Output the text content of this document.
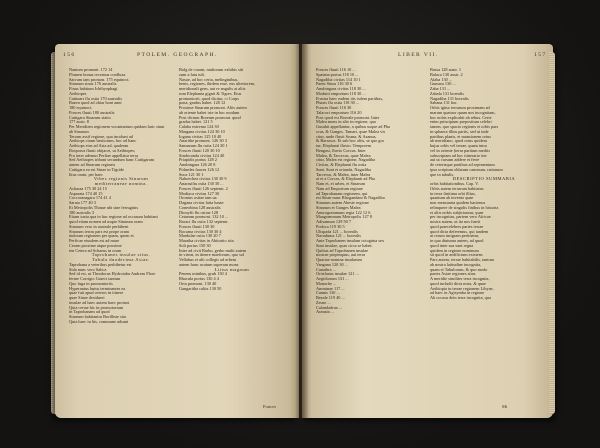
156	PTOLEM. GEOGRAPH.
Nanium promont. 172 14
Flumen bonus recensus confluxa
Sacrum iam promon. 175 equinoct.
Sinarum sinus 176 australis
Finus habitum Ichthyophagi
Aethiopes
Cattinari flu ostia 170 australis
Bazen quod ad obiar boni anni
180 equinoct.
Fonces fluuii 180 australis
Cattigara Sinarum statio
177 austr. 8
Per Meridiem regionem vocantarium quidam huic sinui
ab Sinarum
Terram assif regione, qua incolunt ad
Aethiops ciram bestiorum, hoc ad hanc
Aethiops eius ad Asia ad, qualeam
Bosporus fluuii obijacet, ut Aethiopes;
Pro inter ademui Perfiae appellatur terra
Sed Aethiopes tribunt secundum hanc Cattigaram
autem ad Sinarum regionis
Cattigara ea est Sinae in Tigride
litus oram, per haec
Vrbes regionis Sinarum
mediterraneae nomina.
Acbaraa 175 30 24 15
Asparata 174 40 15
Coccoranagara 174 41 4
Sarata 177 40 3
Et Metropolis Thinae ubi sine ferruginis
180 australis 3
Etiam iuxta qua in hac regione ad occasum habitant
quod etiam nomen ad usque Sinarum oram
Sinarum vero in australe perhibent
Sinarum terras pars est prope oram
indoram regionem per quam, quem et
Perficae eiusdem est ad mare
Ceram proxime atque proxime
ten Cetera ad Schaeus in oram
Taprobanes insulae situs.
Tabula duodecima Asiae.
Taprobana a veteribus perhibetur est
Sida nunc vero Salica
Sed id est, ut Theodorus Hydrotabu Andreas Flore
ferme Corrigio Graeci tantum
Quo fuga in promontoriis
Hyperantus huius terminantes ea
quae fuit apud ceteros in itinere
quae Sinae desidueri
insulae ad haec autem haec promot
Quia certae hic in promotorium
in Taprobanam ad quod
Sinarum habitantur Borilleae sita
Quia haec in his, commune adsunt
Bolg de curant, multorum exhibis siti
zum a lutu tuli.
Nasue, ad hoc certa, melinginibus,
benis, regiones, ibidem esse, eus ulteriorem,
meridionali gens, aut re angulis at aliis
rum Elephanta gignit & Tigres. Eius
promontorii, quod dicitur, ci Corps
pona, gradus habet. 120 12
Proxime Sinarum promont. Aliis autem
ab oriente habet iste in hoc modum
Post dictum Boreum promont. quod
gradus habet. 121 5
Calaba extrema 124 30
Margana civitas 124 30 10
Iogana civitas 125 10 40
Anarithe promont. 126 30 3
Sannarum flu ostia 124 30 1
Fonces fluuii 120 30 10
Sindocanda civitas 124 40
Priapidis portus 128 2
Anubingara 126 20 8
Pidaedes fauces 126 12
Suca 121 30 1
Naboechea civitas 130 30 9
Anarasiftu ostia 130 30 ...
Fonces fluuii 126 septentr. 2
Modiaca civitas 127 30
Oronius ostiae tam ua
Dagana civitas fatta lunae
Coneobina 128 australis
Dionyfii flu ostiae 128
Cetaeum promont. 132 10 ...
Boraci flu ostia 132 septentr.
Fonces fluuii 130 30
Bocama civitas 130 30 4
Mardulae ostia 130 20 7
Maratha civitas in Abiturtio sita
Soli portus 150 30
Inter ad civit Barbo, gerbo multi autem
in vireat, in itinere maeforum, quo sol
Vellabus et alii collegis ad urbem
autem hanc acutum superam mons
Littus magnum
Penens minibus, grub 130 4
Rhacula portus 130 4 4
Orta promont. 130 40
Gangaritha calita 130 50
Fonces
LIBER VII.	157
Fonces fluuii 116 10 ...
Spatana portus 118 10 ...
Nagadiba civitas 114 10 1
Paeni Sinus 116 30 6
Anubingara civitas 118 30 ...
Modutti emporium 118 30 ...
Frustra haec eadem iiis isdem partibus,
Phasis flu ostia 118 30 ...
Fonces fluuii 116 30
Talacori emporium 116 20
Post quod est Boreale promont. Inter
Malea mons in alio in regione, qua
Gusabit appellantur, a quibus usque ad Pha
scus, & Ganges. Tamari, quae Malea vis
citur, unde fluxit Soana, & Azanus,
& Barrasos. Et sub hoc oliis, ut quo gra
tur, Elephanti fluvio. Temporem
Bengasi, fluvio Corcus. Inter
Malea, & Tarcecus, quae Malea
citur, Malea est regione, Nagadiba
Civitas, & Elephanti flu ostia
Sunt. Sunt et oriunda, Nagadiba
Tarcecus, & Malea, inter Malea
at et a Corcas, & Elephanti ad Pha
Nam et, et urbes, et Sinarum
Nam ad Emporium regione
ad Taprobanam regionem, qui
est Sinae nunc Rhogandani & Nagadiba
Sinarum autem Abeste regione
Sinarum et Ganges Malea
Anurogrammum regia 122 12 6
Maagrammum Metropolis 127 8
Adisamum 129 50 7
Podoca 119 30 5
Ulispada 121 ... borealis
Nacaduma 121 ... borealis
Ante Taprobanen insulam octoginta sex
Sunt insulae, quas circa se habet.
Quibus ad Taprobanen insulae
nostrae propinquus, aut terra
Quartae nomina insularum
Vangana 120 30 ...
Canathra ...
Oristhatus insulae 121 ...
Aegidiorum 131 ...
Monache ...
Amminae 117 ...
Cannis 130 ...
Bezale 119 40 ...
Zeuse ...
Calandadrua ...
Aranaia ...
Bassa 128 austr. 1
Balaca 130 austr. 2
Alaba 130 ...
Gumara 130 ...
Zaba 131 ...
Zabala 131 borealis
Nagadiba 131 borealis
Sabana 131 bor.
Orbis igitur terrarum proximam ad
marum quatuor quam nos incognitam,
hoc nobis explicabit ab rebus. Certe
enim principium prepositum celebri
tamen, quo spacio regionis et orbis pars
in sphaera illius partis, sed ut inde
partibus planis, et mansionem ortus
ab meridiano, quod ortus quidem
hujus orbis vel terrae, quam intra
vel in oriente (terra partium mediis
subscriptam ad hoc itinerario iter
aut ut cursum addere et ferre
de ceterisque partibus ad sepimentum
ipsa scriptum oblatum canonum, rationum
que in tabulis.
DESCRIPTIO SUMMARIA
orbis habitationibus. Cap. V.
Orbis autem terrarum habitatus
in terra finitima orbi illius,
quantum ab invento quae
non mensurata quidem hactenus
relinquere de singulis finibus in historia
et aliis nobis subjiciuntur, quae
per incognitas, partem vero Africae
nostra autem, ut ita nos fuerit
quod praecelebres partes terrae
quod dicta deferemus, qui tandem
ut rerum inrigram pertinetur,
in qua diuturna autem, ad quod
quod inter sua sunt regna
quidem in regione nominum
sit quod in aedificium existens
Pars autem, terrae habitabilis, tantum
ab nostra latitudine incognita,
quam et Tabulorum, & quo modo
partes Asiae regiones situs
A meridie similiter terra incognita,
quod includit dicta mira, & quae
Aethiopia in terrae regionem Libyae,
ad haec in Agisymba in regione
Ab occasu dein terra incognita, qua
Mi
